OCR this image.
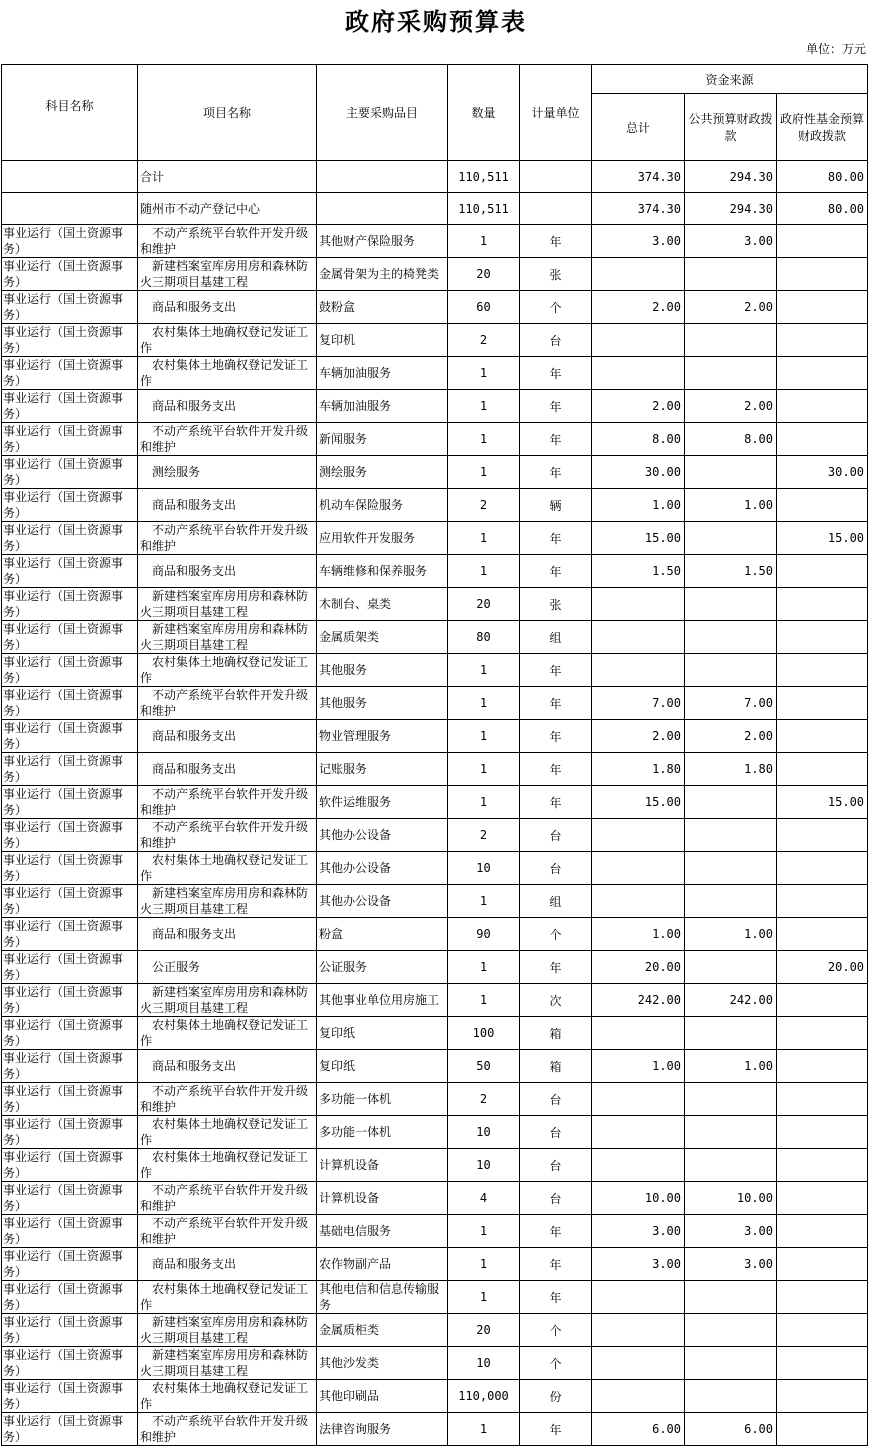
政府采购预算表
单位：万元
科目名称	项目名称	主要采购品目	数量	计量单位	资金来源		
					总计	公共预算财政拨款	政府性基金预算财政拨款
	合计		110,511		374.30	294.30	80.00
	随州市不动产登记中心		110,511		374.30	294.30	80.00
事业运行（国土资源事务）	不动产系统平台软件开发升级和维护	其他财产保险服务	1	年	3.00	3.00	
事业运行（国土资源事务）	新建档案室库房用房和森林防火三期项目基建工程	金属骨架为主的椅凳类	20	张			
事业运行（国土资源事务）	商品和服务支出	鼓粉盒	60	个	2.00	2.00	
事业运行（国土资源事务）	农村集体土地确权登记发证工作	复印机	2	台			
事业运行（国土资源事务）	农村集体土地确权登记发证工作	车辆加油服务	1	年			
事业运行（国土资源事务）	商品和服务支出	车辆加油服务	1	年	2.00	2.00	
事业运行（国土资源事务）	不动产系统平台软件开发升级和维护	新闻服务	1	年	8.00	8.00	
事业运行（国土资源事务）	测绘服务	测绘服务	1	年	30.00		30.00
事业运行（国土资源事务）	商品和服务支出	机动车保险服务	2	辆	1.00	1.00	
事业运行（国土资源事务）	不动产系统平台软件开发升级和维护	应用软件开发服务	1	年	15.00		15.00
事业运行（国土资源事务）	商品和服务支出	车辆维修和保养服务	1	年	1.50	1.50	
事业运行（国土资源事务）	新建档案室库房用房和森林防火三期项目基建工程	木制台、桌类	20	张			
事业运行（国土资源事务）	新建档案室库房用房和森林防火三期项目基建工程	金属质架类	80	组			
事业运行（国土资源事务）	农村集体土地确权登记发证工作	其他服务	1	年			
事业运行（国土资源事务）	不动产系统平台软件开发升级和维护	其他服务	1	年	7.00	7.00	
事业运行（国土资源事务）	商品和服务支出	物业管理服务	1	年	2.00	2.00	
事业运行（国土资源事务）	商品和服务支出	记账服务	1	年	1.80	1.80	
事业运行（国土资源事务）	不动产系统平台软件开发升级和维护	软件运维服务	1	年	15.00		15.00
事业运行（国土资源事务）	不动产系统平台软件开发升级和维护	其他办公设备	2	台			
事业运行（国土资源事务）	农村集体土地确权登记发证工作	其他办公设备	10	台			
事业运行（国土资源事务）	新建档案室库房用房和森林防火三期项目基建工程	其他办公设备	1	组			
事业运行（国土资源事务）	商品和服务支出	粉盒	90	个	1.00	1.00	
事业运行（国土资源事务）	公正服务	公证服务	1	年	20.00		20.00
事业运行（国土资源事务）	新建档案室库房用房和森林防火三期项目基建工程	其他事业单位用房施工	1	次	242.00	242.00	
事业运行（国土资源事务）	农村集体土地确权登记发证工作	复印纸	100	箱			
事业运行（国土资源事务）	商品和服务支出	复印纸	50	箱	1.00	1.00	
事业运行（国土资源事务）	不动产系统平台软件开发升级和维护	多功能一体机	2	台			
事业运行（国土资源事务）	农村集体土地确权登记发证工作	多功能一体机	10	台			
事业运行（国土资源事务）	农村集体土地确权登记发证工作	计算机设备	10	台			
事业运行（国土资源事务）	不动产系统平台软件开发升级和维护	计算机设备	4	台	10.00	10.00	
事业运行（国土资源事务）	不动产系统平台软件开发升级和维护	基础电信服务	1	年	3.00	3.00	
事业运行（国土资源事务）	商品和服务支出	农作物副产品	1	年	3.00	3.00	
事业运行（国土资源事务）	农村集体土地确权登记发证工作	其他电信和信息传输服务	1	年			
事业运行（国土资源事务）	新建档案室库房用房和森林防火三期项目基建工程	金属质柜类	20	个			
事业运行（国土资源事务）	新建档案室库房用房和森林防火三期项目基建工程	其他沙发类	10	个			
事业运行（国土资源事务）	农村集体土地确权登记发证工作	其他印刷品	110,000	份			
事业运行（国土资源事务）	不动产系统平台软件开发升级和维护	法律咨询服务	1	年	6.00	6.00	
